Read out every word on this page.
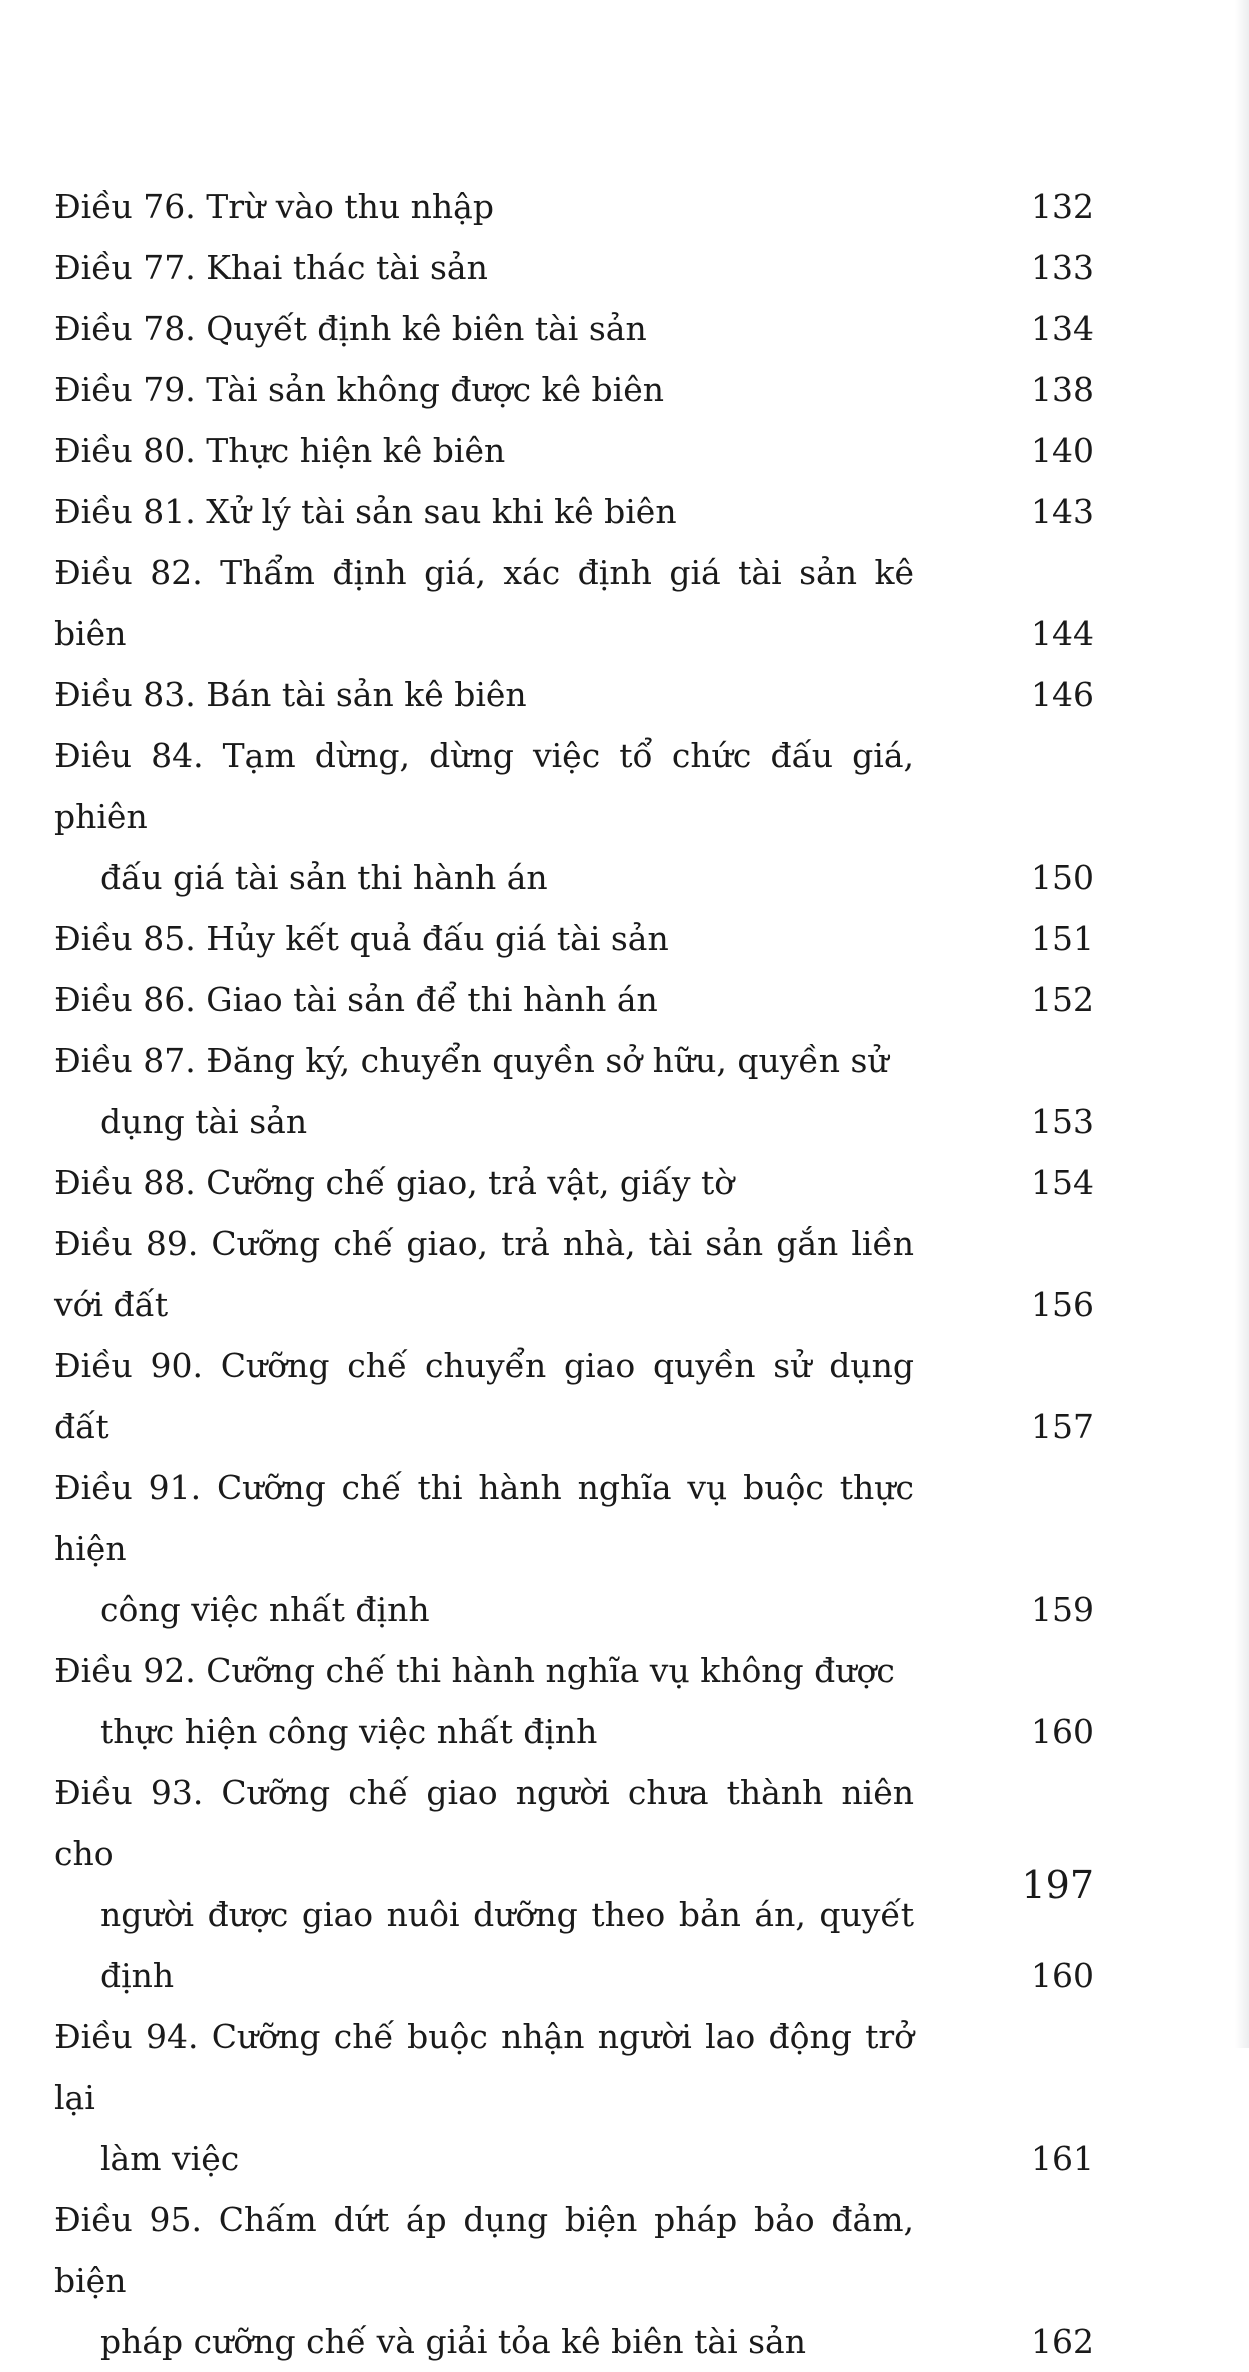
Điều 76. Trừ vào thu nhập	132
Điều 77. Khai thác tài sản	133
Điều 78. Quyết định kê biên tài sản	134
Điều 79. Tài sản không được kê biên	138
Điều 80. Thực hiện kê biên	140
Điều 81. Xử lý tài sản sau khi kê biên	143
Điều 82. Thẩm định giá, xác định giá tài sản kê biên	144
Điều 83. Bán tài sản kê biên	146
Điêu 84. Tạm dừng, dừng việc tổ chức đấu giá, phiên
đấu giá tài sản thi hành án	150
Điều 85. Hủy kết quả đấu giá tài sản	151
Điều 86. Giao tài sản để thi hành án	152
Điều 87. Đăng ký, chuyển quyền sở hữu, quyền sử
dụng tài sản	153
Điều 88. Cưỡng chế giao, trả vật, giấy tờ	154
Điều 89. Cưỡng chế giao, trả nhà, tài sản gắn liền với đất	156
Điều 90. Cưỡng chế chuyển giao quyền sử dụng đất	157
Điều 91. Cưỡng chế thi hành nghĩa vụ buộc thực hiện
công việc nhất định	159
Điều 92. Cưỡng chế thi hành nghĩa vụ không được
thực hiện công việc nhất định	160
Điều 93. Cưỡng chế giao người chưa thành niên cho
người được giao nuôi dưỡng theo bản án, quyết định	160
Điều 94. Cưỡng chế buộc nhận người lao động trở lại
làm việc	161
Điều 95. Chấm dứt áp dụng biện pháp bảo đảm, biện
pháp cưỡng chế và giải tỏa kê biên tài sản	162
197
